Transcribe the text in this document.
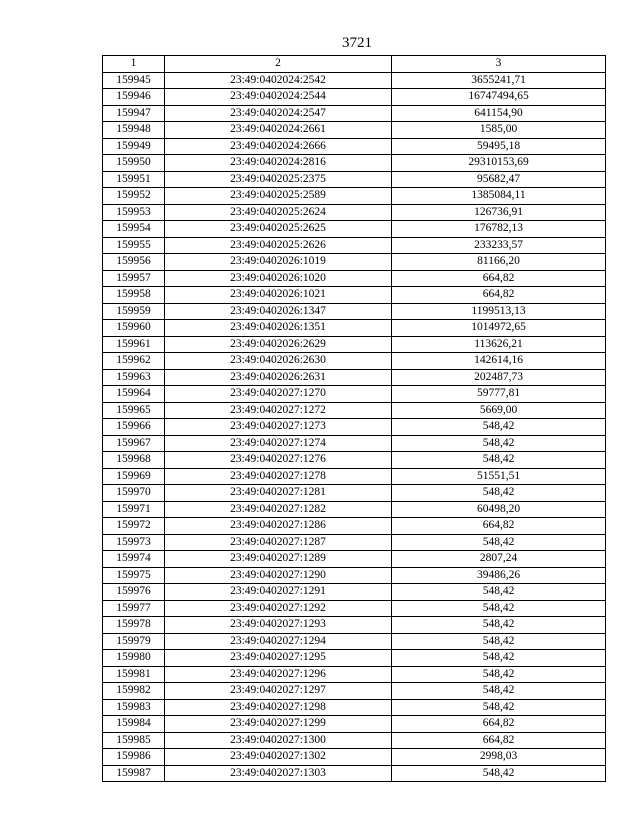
3721
1	2	3
159945	23:49:0402024:2542	3655241,71
159946	23:49:0402024:2544	16747494,65
159947	23:49:0402024:2547	641154,90
159948	23:49:0402024:2661	1585,00
159949	23:49:0402024:2666	59495,18
159950	23:49:0402024:2816	29310153,69
159951	23:49:0402025:2375	95682,47
159952	23:49:0402025:2589	1385084,11
159953	23:49:0402025:2624	126736,91
159954	23:49:0402025:2625	176782,13
159955	23:49:0402025:2626	233233,57
159956	23:49:0402026:1019	81166,20
159957	23:49:0402026:1020	664,82
159958	23:49:0402026:1021	664,82
159959	23:49:0402026:1347	1199513,13
159960	23:49:0402026:1351	1014972,65
159961	23:49:0402026:2629	113626,21
159962	23:49:0402026:2630	142614,16
159963	23:49:0402026:2631	202487,73
159964	23:49:0402027:1270	59777,81
159965	23:49:0402027:1272	5669,00
159966	23:49:0402027:1273	548,42
159967	23:49:0402027:1274	548,42
159968	23:49:0402027:1276	548,42
159969	23:49:0402027:1278	51551,51
159970	23:49:0402027:1281	548,42
159971	23:49:0402027:1282	60498,20
159972	23:49:0402027:1286	664,82
159973	23:49:0402027:1287	548,42
159974	23:49:0402027:1289	2807,24
159975	23:49:0402027:1290	39486,26
159976	23:49:0402027:1291	548,42
159977	23:49:0402027:1292	548,42
159978	23:49:0402027:1293	548,42
159979	23:49:0402027:1294	548,42
159980	23:49:0402027:1295	548,42
159981	23:49:0402027:1296	548,42
159982	23:49:0402027:1297	548,42
159983	23:49:0402027:1298	548,42
159984	23:49:0402027:1299	664,82
159985	23:49:0402027:1300	664,82
159986	23:49:0402027:1302	2998,03
159987	23:49:0402027:1303	548,42
